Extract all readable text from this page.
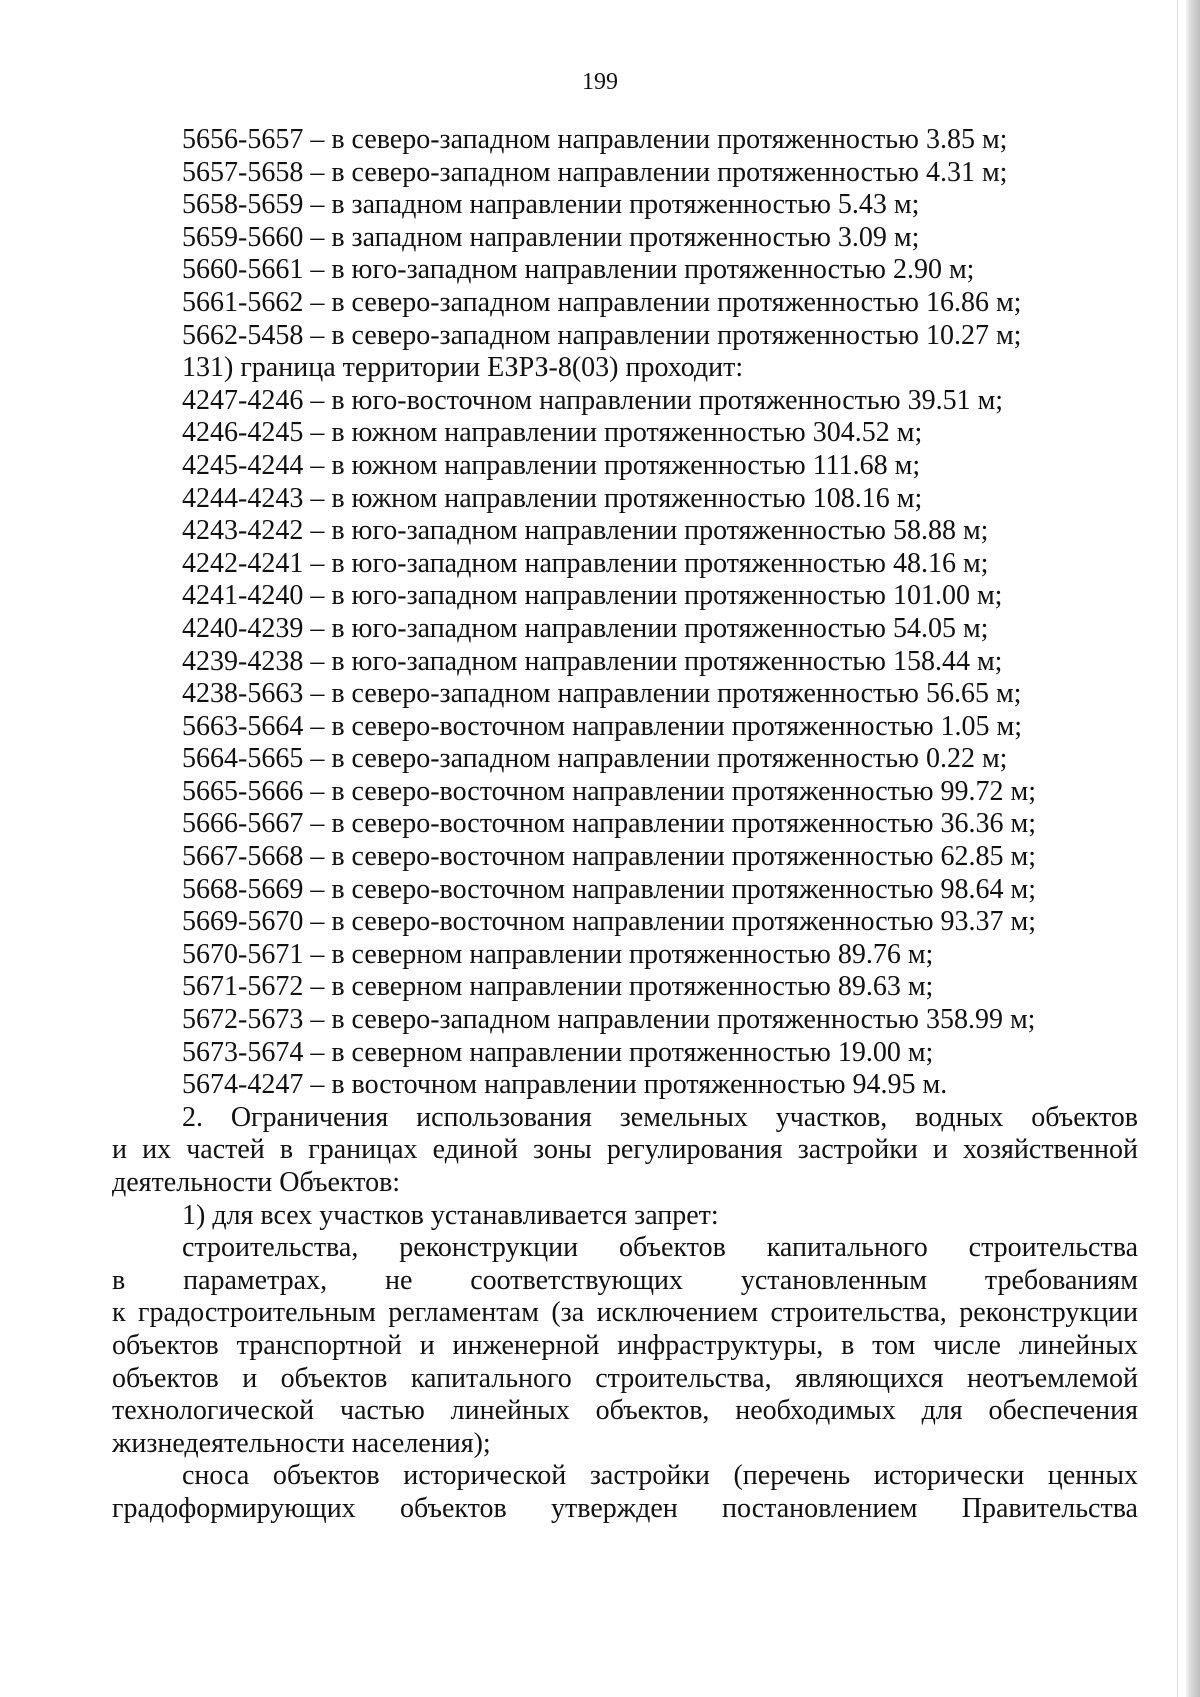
199
5656-5657 – в северо-западном направлении протяженностью 3.85 м;
5657-5658 – в северо-западном направлении протяженностью 4.31 м;
5658-5659 – в западном направлении протяженностью 5.43 м;
5659-5660 – в западном направлении протяженностью 3.09 м;
5660-5661 – в юго-западном направлении протяженностью 2.90 м;
5661-5662 – в северо-западном направлении протяженностью 16.86 м;
5662-5458 – в северо-западном направлении протяженностью 10.27 м;
131) граница территории ЕЗРЗ-8(03) проходит:
4247-4246 – в юго-восточном направлении протяженностью 39.51 м;
4246-4245 – в южном направлении протяженностью 304.52 м;
4245-4244 – в южном направлении протяженностью 111.68 м;
4244-4243 – в южном направлении протяженностью 108.16 м;
4243-4242 – в юго-западном направлении протяженностью 58.88 м;
4242-4241 – в юго-западном направлении протяженностью 48.16 м;
4241-4240 – в юго-западном направлении протяженностью 101.00 м;
4240-4239 – в юго-западном направлении протяженностью 54.05 м;
4239-4238 – в юго-западном направлении протяженностью 158.44 м;
4238-5663 – в северо-западном направлении протяженностью 56.65 м;
5663-5664 – в северо-восточном направлении протяженностью 1.05 м;
5664-5665 – в северо-западном направлении протяженностью 0.22 м;
5665-5666 – в северо-восточном направлении протяженностью 99.72 м;
5666-5667 – в северо-восточном направлении протяженностью 36.36 м;
5667-5668 – в северо-восточном направлении протяженностью 62.85 м;
5668-5669 – в северо-восточном направлении протяженностью 98.64 м;
5669-5670 – в северо-восточном направлении протяженностью 93.37 м;
5670-5671 – в северном направлении протяженностью 89.76 м;
5671-5672 – в северном направлении протяженностью 89.63 м;
5672-5673 – в северо-западном направлении протяженностью 358.99 м;
5673-5674 – в северном направлении протяженностью 19.00 м;
5674-4247 – в восточном направлении протяженностью 94.95 м.
2. Ограничения использования земельных участков, водных объектов
и их частей в границах единой зоны регулирования застройки и хозяйственной деятельности Объектов:
1) для всех участков устанавливается запрет:
строительства, реконструкции объектов капитального строительства
в параметрах, не соответствующих установленным требованиям
к градостроительным регламентам (за исключением строительства, реконструкции объектов транспортной и инженерной инфраструктуры, в том числе линейных объектов и объектов капитального строительства, являющихся неотъемлемой технологической частью линейных объектов, необходимых для обеспечения жизнедеятельности населения);
сноса объектов исторической застройки (перечень исторически ценных
градоформирующих объектов утвержден постановлением Правительства
